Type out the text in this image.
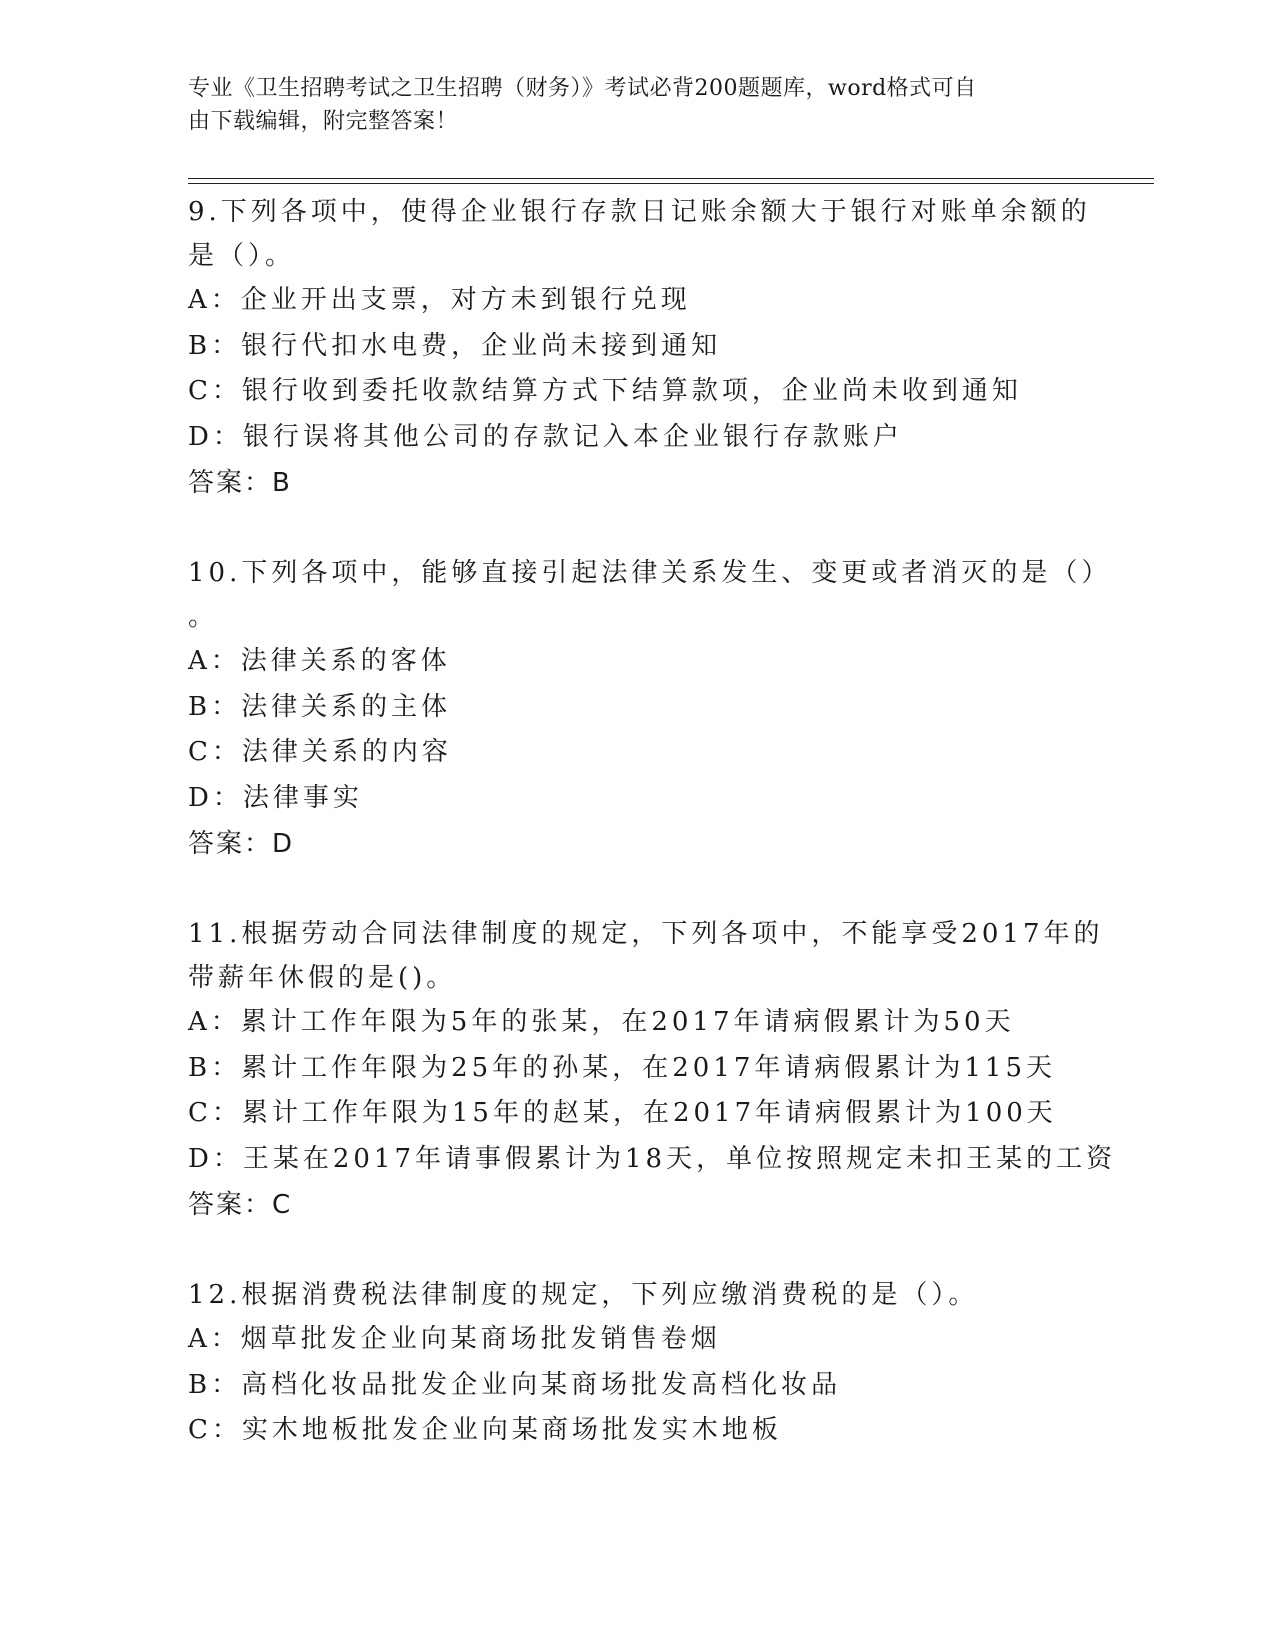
专业《卫生招聘考试之卫生招聘（财务）》考试必背200题题库，word格式可自
由下载编辑，附完整答案！
9.下列各项中，使得企业银行存款日记账余额大于银行对账单余额的
是（）。
A：企业开出支票，对方未到银行兑现
B：银行代扣水电费，企业尚未接到通知
C：银行收到委托收款结算方式下结算款项，企业尚未收到通知
D：银行误将其他公司的存款记入本企业银行存款账户
答案：B
10.下列各项中，能够直接引起法律关系发生、变更或者消灭的是（）
。
A：法律关系的客体
B：法律关系的主体
C：法律关系的内容
D：法律事实
答案：D
11.根据劳动合同法律制度的规定，下列各项中，不能享受2017年的
带薪年休假的是()。
A：累计工作年限为5年的张某，在2017年请病假累计为50天
B：累计工作年限为25年的孙某，在2017年请病假累计为115天
C：累计工作年限为15年的赵某，在2017年请病假累计为100天
D：王某在2017年请事假累计为18天，单位按照规定未扣王某的工资
答案：C
12.根据消费税法律制度的规定，下列应缴消费税的是（）。
A：烟草批发企业向某商场批发销售卷烟
B：高档化妆品批发企业向某商场批发高档化妆品
C：实木地板批发企业向某商场批发实木地板
